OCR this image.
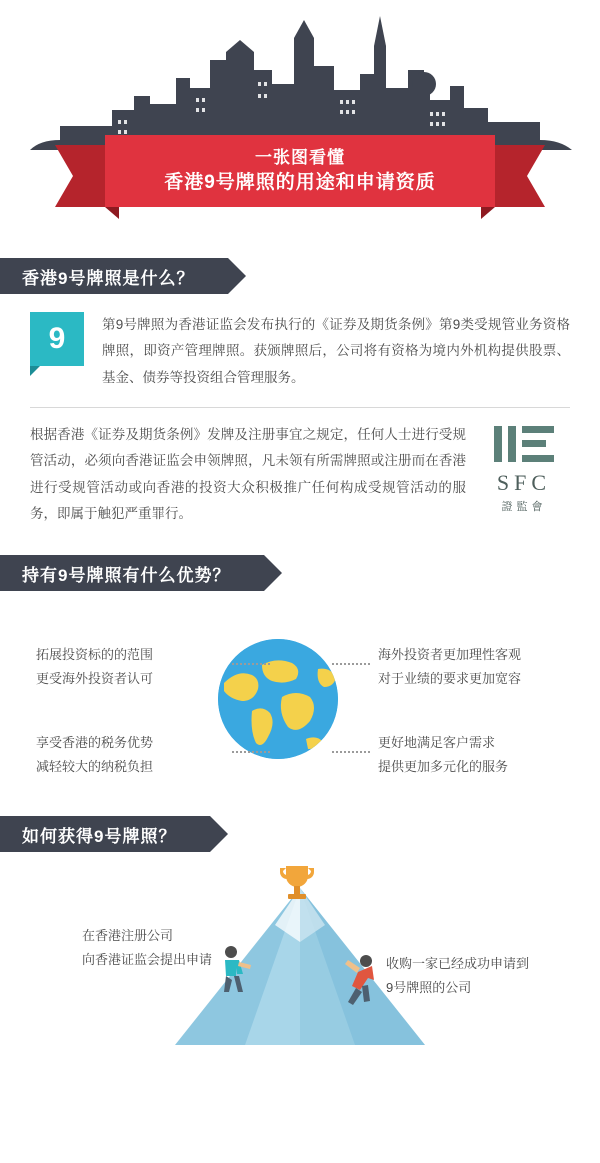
一张图看懂
香港9号牌照的用途和申请资质
香港9号牌照是什么？
9	第9号牌照为香港证监会发布执行的《证券及期货条例》第9类受规管业务资格牌照，即资产管理牌照。获颁牌照后，公司将有资格为境内外机构提供股票、基金、债券等投资组合管理服务。
根据香港《证券及期货条例》发牌及注册事宜之规定，任何人士进行受规管活动，必须向香港证监会申领牌照，凡未领有所需牌照或注册而在香港进行受规管活动或向香港的投资大众积极推广任何构成受规管活动的服务，即属于触犯严重罪行。
SFC
證監會
持有9号牌照有什么优势？
拓展投资标的的范围
更受海外投资者认可
海外投资者更加理性客观
对于业绩的要求更加宽容
享受香港的税务优势
减轻较大的纳税负担
更好地满足客户需求
提供更加多元化的服务
如何获得9号牌照？
在香港注册公司
向香港证监会提出申请	收购一家已经成功申请到
9号牌照的公司
